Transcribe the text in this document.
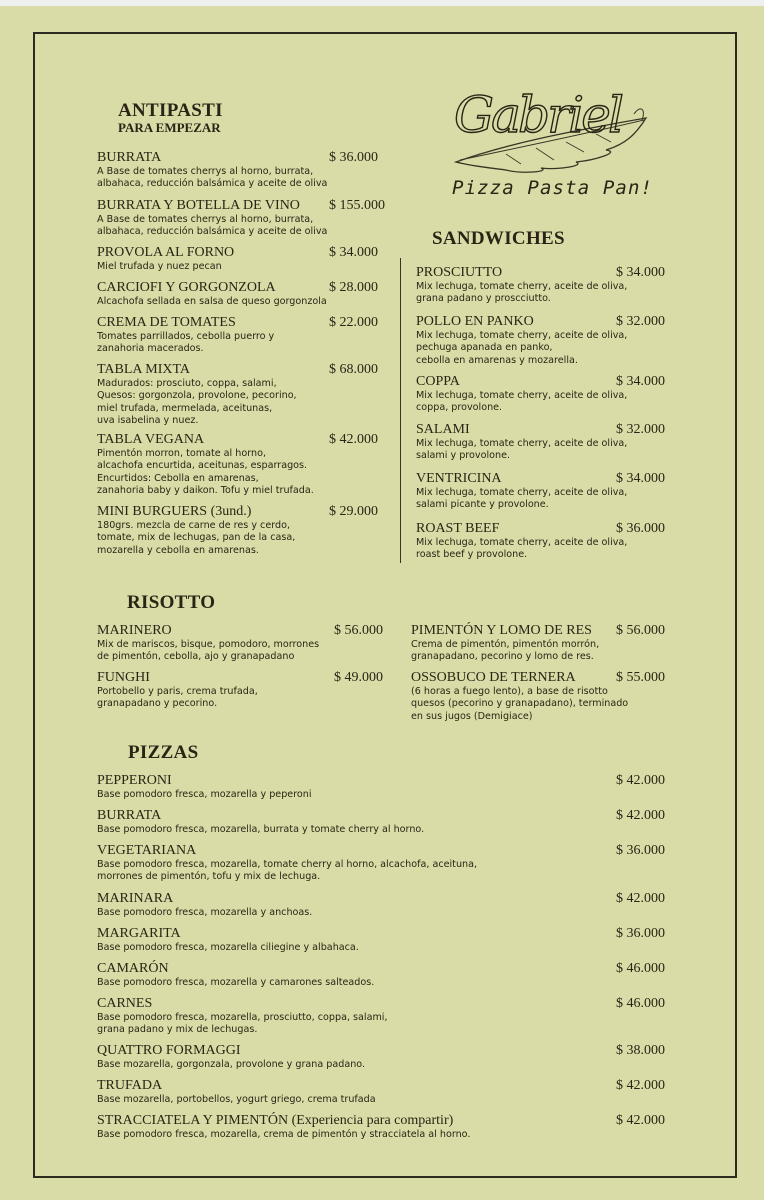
Gabriel
Pizza Pasta Pan!
ANTIPASTI
PARA EMPEZAR
BURRATA
A Base de tomates cherrys al horno, burrata,
albahaca, reducción balsámica y aceite de oliva
$ 36.000
BURRATA Y BOTELLA DE VINO
A Base de tomates cherrys al horno, burrata,
albahaca, reducción balsámica y aceite de oliva
$ 155.000
PROVOLA AL FORNO
Miel trufada y nuez pecan
$ 34.000
CARCIOFI Y GORGONZOLA
Alcachofa sellada en salsa de queso gorgonzola
$ 28.000
CREMA DE TOMATES
Tomates parrillados, cebolla puerro y
zanahoria macerados.
$ 22.000
TABLA MIXTA
Madurados: prosciuto, coppa, salami,
Quesos: gorgonzola, provolone, pecorino,
miel trufada, mermelada, aceitunas,
uva isabelina y nuez.
$ 68.000
TABLA VEGANA
Pimentón morron, tomate al horno,
alcachofa encurtida, aceitunas, esparragos.
Encurtidos: Cebolla en amarenas,
zanahoria baby y daikon. Tofu y miel trufada.
$ 42.000
MINI BURGUERS (3und.)
180grs. mezcla de carne de res y cerdo,
tomate, mix de lechugas, pan de la casa,
mozarella y cebolla en amarenas.
$ 29.000
SANDWICHES
PROSCIUTTO
Mix lechuga, tomate cherry, aceite de oliva,
grana padano y proscciutto.
$ 34.000
POLLO EN PANKO
Mix lechuga, tomate cherry, aceite de oliva,
pechuga apanada en panko,
cebolla en amarenas y mozarella.
$ 32.000
COPPA
Mix lechuga, tomate cherry, aceite de oliva,
coppa, provolone.
$ 34.000
SALAMI
Mix lechuga, tomate cherry, aceite de oliva,
salami y provolone.
$ 32.000
VENTRICINA
Mix lechuga, tomate cherry, aceite de oliva,
salami picante y provolone.
$ 34.000
ROAST BEEF
Mix lechuga, tomate cherry, aceite de oliva,
roast beef y provolone.
$ 36.000
RISOTTO
MARINERO
Mix de mariscos, bisque, pomodoro, morrones
de pimentón, cebolla, ajo y granapadano
$ 56.000
FUNGHI
Portobello y paris, crema trufada,
granapadano y pecorino.
$ 49.000
PIMENTÓN Y LOMO DE RES
Crema de pimentón, pimentón morrón,
granapadano, pecorino y lomo de res.
$ 56.000
OSSOBUCO DE TERNERA
(6 horas a fuego lento), a base de risotto
quesos (pecorino y granapadano), terminado
en sus jugos (Demigiace)
$ 55.000
PIZZAS
PEPPERONI
Base pomodoro fresca, mozarella y peperoni
$ 42.000
BURRATA
Base pomodoro fresca, mozarella, burrata y tomate cherry al horno.
$ 42.000
VEGETARIANA
Base pomodoro fresca, mozarella, tomate cherry al horno, alcachofa, aceituna,
morrones de pimentón, tofu y mix de lechuga.
$ 36.000
MARINARA
Base pomodoro fresca, mozarella y anchoas.
$ 42.000
MARGARITA
Base pomodoro fresca, mozarella ciliegine y albahaca.
$ 36.000
CAMARÓN
Base pomodoro fresca, mozarella y camarones salteados.
$ 46.000
CARNES
Base pomodoro fresca, mozarella, prosciutto, coppa, salami,
grana padano y mix de lechugas.
$ 46.000
QUATTRO FORMAGGI
Base mozarella, gorgonzala, provolone y grana padano.
$ 38.000
TRUFADA
Base mozarella, portobellos, yogurt griego, crema trufada
$ 42.000
STRACCIATELA Y PIMENTÓN (Experiencia para compartir)
Base pomodoro fresca, mozarella, crema de pimentón y stracciatela al horno.
$ 42.000
